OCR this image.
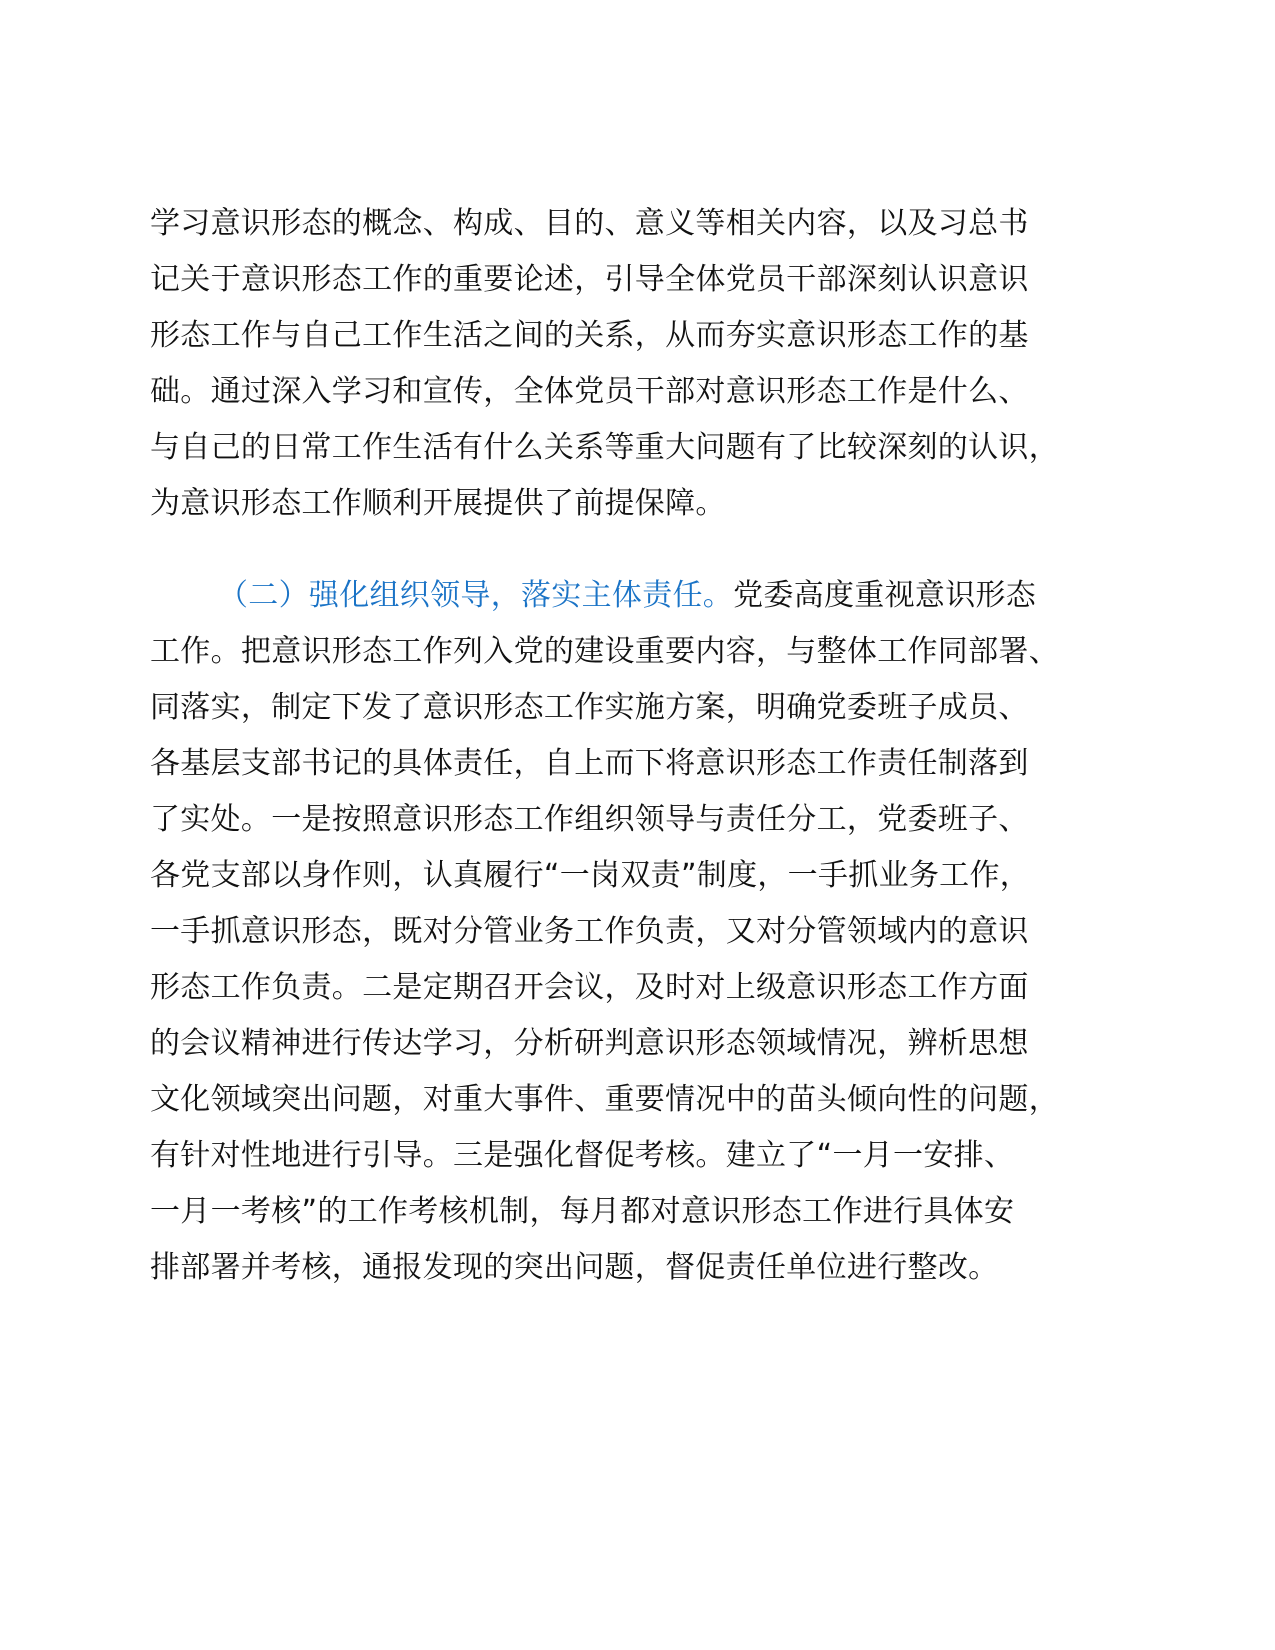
学习意识形态的概念、构成、目的、意义等相关内容，以及习总书
记关于意识形态工作的重要论述，引导全体党员干部深刻认识意识
形态工作与自己工作生活之间的关系，从而夯实意识形态工作的基
础。通过深入学习和宣传，全体党员干部对意识形态工作是什么、
与自己的日常工作生活有什么关系等重大问题有了比较深刻的认识，
为意识形态工作顺利开展提供了前提保障。
（二）强化组织领导，落实主体责任。党委高度重视意识形态
工作。把意识形态工作列入党的建设重要内容，与整体工作同部署、
同落实，制定下发了意识形态工作实施方案，明确党委班子成员、
各基层支部书记的具体责任，自上而下将意识形态工作责任制落到
了实处。一是按照意识形态工作组织领导与责任分工，党委班子、
各党支部以身作则，认真履行“一岗双责”制度，一手抓业务工作，
一手抓意识形态，既对分管业务工作负责，又对分管领域内的意识
形态工作负责。二是定期召开会议，及时对上级意识形态工作方面
的会议精神进行传达学习，分析研判意识形态领域情况，辨析思想
文化领域突出问题，对重大事件、重要情况中的苗头倾向性的问题，
有针对性地进行引导。三是强化督促考核。建立了“一月一安排、
一月一考核”的工作考核机制，每月都对意识形态工作进行具体安
排部署并考核，通报发现的突出问题，督促责任单位进行整改。
